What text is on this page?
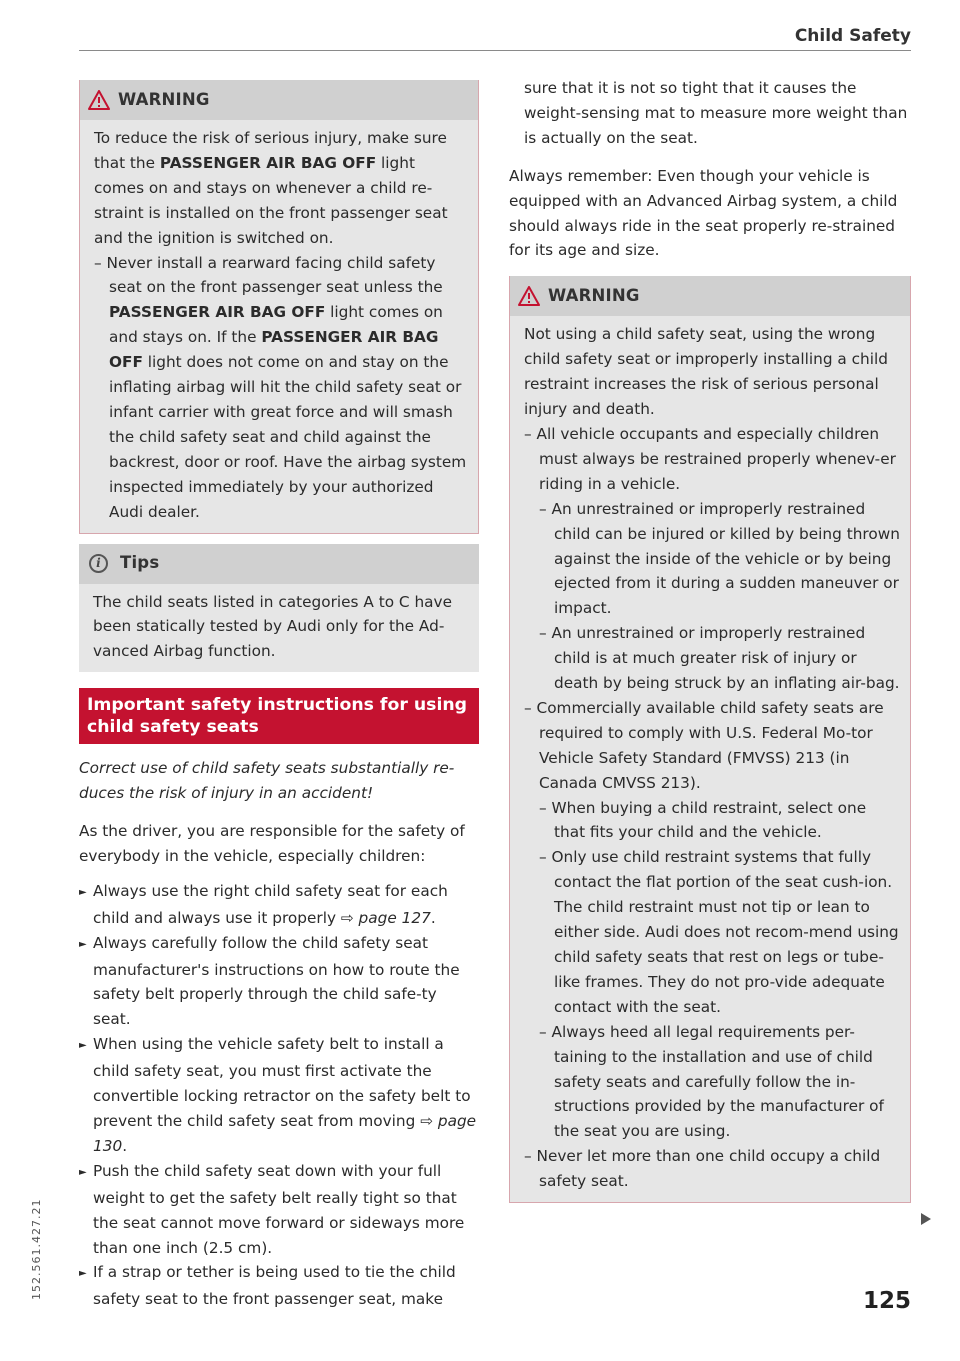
Child Safety
WARNING

To reduce the risk of serious injury, make sure that the PASSENGER AIR BAG OFF light comes on and stays on whenever a child re-straint is installed on the front passenger seat and the ignition is switched on.

– Never install a rearward facing child safety seat on the front passenger seat unless the PASSENGER AIR BAG OFF light comes on and stays on. If the PASSENGER AIR BAG OFF light does not come on and stay on the inflating airbag will hit the child safety seat or infant carrier with great force and will smash the child safety seat and child against the backrest, door or roof. Have the airbag system inspected immediately by your authorized Audi dealer.

i	Tips

The child seats listed in categories A to C have been statically tested by Audi only for the Ad-vanced Airbag function.

Important safety instructions for using child safety seats

Correct use of child safety seats substantially re-duces the risk of injury in an accident!

As the driver, you are responsible for the safety of everybody in the vehicle, especially children:

► Always use the right child safety seat for each child and always use it properly ⇨ page 127.

► Always carefully follow the child safety seat manufacturer's instructions on how to route the safety belt properly through the child safe-ty seat.

► When using the vehicle safety belt to install a child safety seat, you must first activate the convertible locking retractor on the safety belt to prevent the child safety seat from moving ⇨ page 130.

► Push the child safety seat down with your full weight to get the safety belt really tight so that the seat cannot move forward or sideways more than one inch (2.5 cm).

► If a strap or tether is being used to tie the child safety seat to the front passenger seat, make

sure that it is not so tight that it causes the weight-sensing mat to measure more weight than is actually on the seat.

Always remember: Even though your vehicle is equipped with an Advanced Airbag system, a child should always ride in the seat properly re-strained for its age and size.

WARNING

Not using a child safety seat, using the wrong child safety seat or improperly installing a child restraint increases the risk of serious personal injury and death.

– All vehicle occupants and especially children must always be restrained properly whenev-er riding in a vehicle.

– An unrestrained or improperly restrained child can be injured or killed by being thrown against the inside of the vehicle or by being ejected from it during a sudden maneuver or impact.

– An unrestrained or improperly restrained child is at much greater risk of injury or death by being struck by an inflating air-bag.

– Commercially available child safety seats are required to comply with U.S. Federal Mo-tor Vehicle Safety Standard (FMVSS) 213 (in Canada CMVSS 213).

– When buying a child restraint, select one that fits your child and the vehicle.

– Only use child restraint systems that fully contact the flat portion of the seat cush-ion. The child restraint must not tip or lean to either side. Audi does not recom-mend using child safety seats that rest on legs or tube-like frames. They do not pro-vide adequate contact with the seat.

– Always heed all legal requirements per-taining to the installation and use of child safety seats and carefully follow the in-structions provided by the manufacturer of the seat you are using.

– Never let more than one child occupy a child safety seat.

125
152.561.427.21
